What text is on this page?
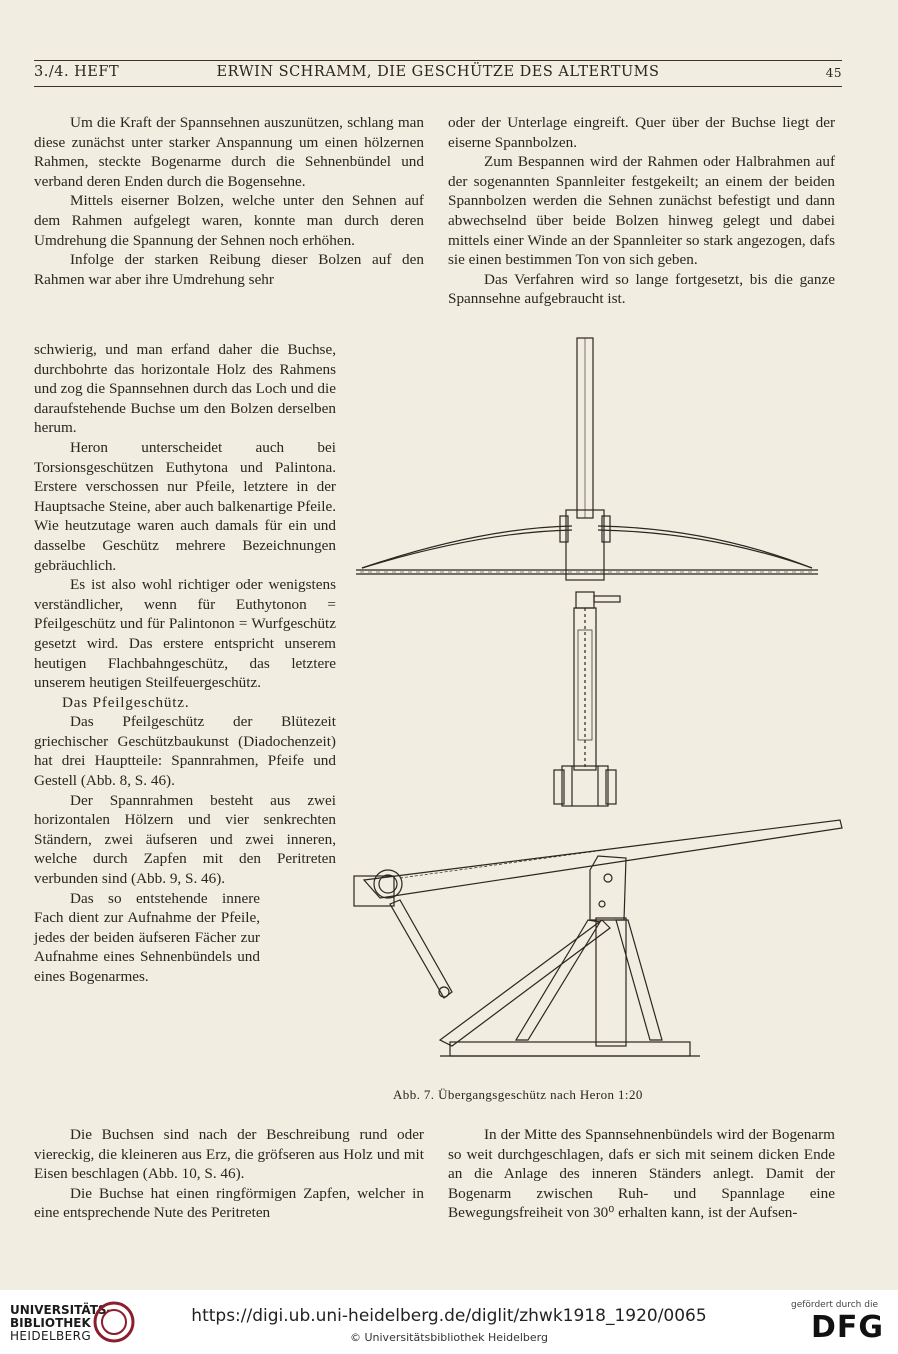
3./4. HEFT	ERWIN SCHRAMM, DIE GESCHÜTZE DES ALTERTUMS	45

Um die Kraft der Spannsehnen auszunützen, schlang man diese zunächst unter starker Anspannung um einen hölzernen Rahmen, steckte Bogenarme durch die Sehnenbündel und verband deren Enden durch die Bogensehne.

Mittels eiserner Bolzen, welche unter den Sehnen auf dem Rahmen aufgelegt waren, konnte man durch deren Umdrehung die Spannung der Sehnen noch erhöhen.

Infolge der starken Reibung dieser Bolzen auf den Rahmen war aber ihre Umdrehung sehr

schwierig, und man erfand daher die Buchse, durchbohrte das horizontale Holz des Rahmens und zog die Spannsehnen durch das Loch und die daraufstehende Buchse um den Bolzen derselben herum.

Heron unterscheidet auch bei Torsionsgeschützen Euthytona und Palintona. Erstere verschossen nur Pfeile, letztere in der Hauptsache Steine, aber auch balkenartige Pfeile. Wie heutzutage waren auch damals für ein und dasselbe Geschütz mehrere Bezeichnungen gebräuchlich.

Es ist also wohl richtiger oder wenigstens verständlicher, wenn für Euthytonon = Pfeilgeschütz und für Palintonon = Wurfgeschütz gesetzt wird. Das erstere entspricht unserem heutigen Flachbahngeschütz, das letztere unserem heutigen Steilfeuergeschütz.

Das Pfeilgeschütz.

Das Pfeilgeschütz der Blütezeit griechischer Geschützbaukunst (Diadochenzeit) hat drei Hauptteile: Spannrahmen, Pfeife und Gestell (Abb. 8, S. 46).

Der Spannrahmen besteht aus zwei horizontalen Hölzern und vier senkrechten Ständern, zwei äufseren und zwei inneren, welche durch Zapfen mit den Peritreten verbunden sind (Abb. 9, S. 46).

Das so entstehende innere Fach dient zur Aufnahme der Pfeile, jedes der beiden äufseren Fächer zur Aufnahme eines Sehnenbündels und eines Bogenarmes.

oder der Unterlage eingreift. Quer über der Buchse liegt der eiserne Spannbolzen.

Zum Bespannen wird der Rahmen oder Halbrahmen auf der sogenannten Spannleiter festgekeilt; an einem der beiden Spannbolzen werden die Sehnen zunächst befestigt und dann abwechselnd über beide Bolzen hinweg gelegt und dabei mittels einer Winde an der Spannleiter so stark angezogen, dafs sie einen bestimmen Ton von sich geben.

Das Verfahren wird so lange fortgesetzt, bis die ganze Spannsehne aufgebraucht ist.

Abb. 7. Übergangsgeschütz nach Heron 1:20

Die Buchsen sind nach der Beschreibung rund oder viereckig, die kleineren aus Erz, die gröfseren aus Holz und mit Eisen beschlagen (Abb. 10, S. 46).

Die Buchse hat einen ringförmigen Zapfen, welcher in eine entsprechende Nute des Peritreten

In der Mitte des Spannsehnenbündels wird der Bogenarm so weit durchgeschlagen, dafs er sich mit seinem dicken Ende an die Anlage des inneren Ständers anlegt. Damit der Bogenarm zwischen Ruh- und Spannlage eine Bewegungsfreiheit von 30⁰ erhalten kann, ist der Aufsen-

UNIVERSITÄTS-
BIBLIOTHEK
HEIDELBERG
https://digi.ub.uni-heidelberg.de/diglit/zhwk1918_1920/0065
© Universitätsbibliothek Heidelberg
gefördert durch die
DFG
